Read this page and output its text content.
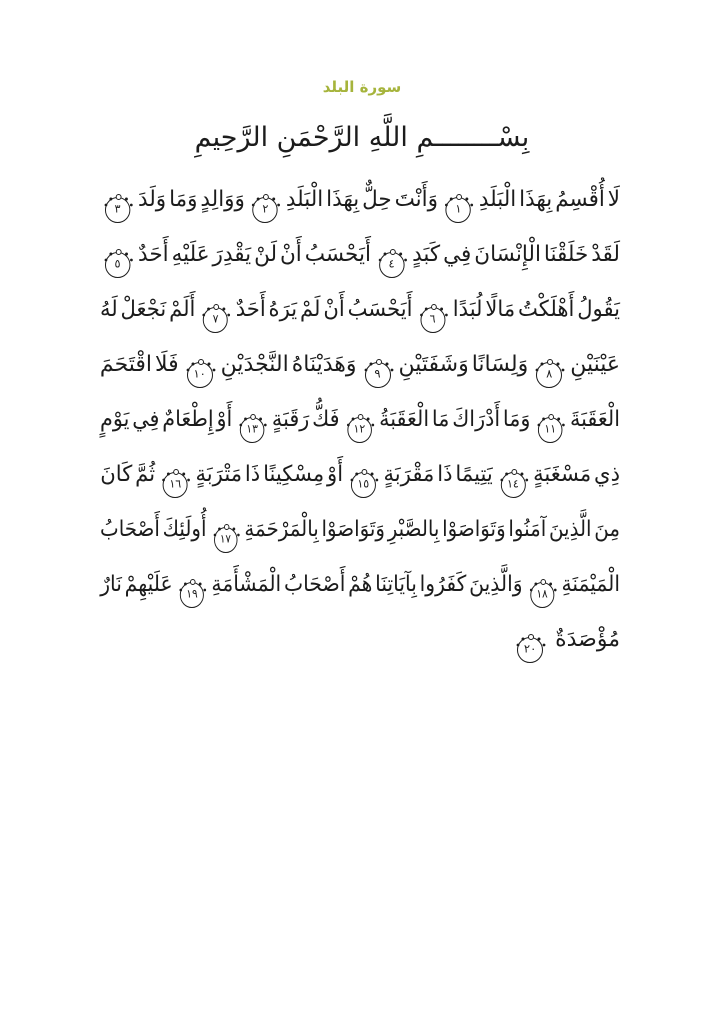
سورة البلد
بِسْــــــــمِ اللَّهِ الرَّحْمَنِ الرَّحِيمِ
لَا أُقْسِمُ بِهَذَا الْبَلَدِ
١
وَأَنْتَ حِلٌّ بِهَذَا الْبَلَدِ
٢
وَوَالِدٍ وَمَا وَلَدَ
٣
لَقَدْ خَلَقْنَا الْإِنْسَانَ فِي كَبَدٍ
٤
أَيَحْسَبُ أَنْ لَنْ يَقْدِرَ عَلَيْهِ أَحَدٌ
٥
يَقُولُ أَهْلَكْتُ مَالًا لُبَدًا
٦
أَيَحْسَبُ أَنْ لَمْ يَرَهُ أَحَدٌ
٧
أَلَمْ نَجْعَلْ لَهُ
عَيْنَيْنِ
٨
وَلِسَانًا وَشَفَتَيْنِ
٩
وَهَدَيْنَاهُ النَّجْدَيْنِ
١٠
فَلَا اقْتَحَمَ
الْعَقَبَةَ
١١
وَمَا أَدْرَاكَ مَا الْعَقَبَةُ
١٢
فَكُّ رَقَبَةٍ
١٣
أَوْ إِطْعَامٌ فِي يَوْمٍ
ذِي مَسْغَبَةٍ
١٤
يَتِيمًا ذَا مَقْرَبَةٍ
١٥
أَوْ مِسْكِينًا ذَا مَتْرَبَةٍ
١٦
ثُمَّ كَانَ
مِنَ الَّذِينَ آمَنُوا وَتَوَاصَوْا بِالصَّبْرِ وَتَوَاصَوْا بِالْمَرْحَمَةِ
١٧
أُولَئِكَ أَصْحَابُ
الْمَيْمَنَةِ
١٨
وَالَّذِينَ كَفَرُوا بِآيَاتِنَا هُمْ أَصْحَابُ الْمَشْأَمَةِ
١٩
عَلَيْهِمْ نَارٌ
مُؤْصَدَةٌ
٢٠
